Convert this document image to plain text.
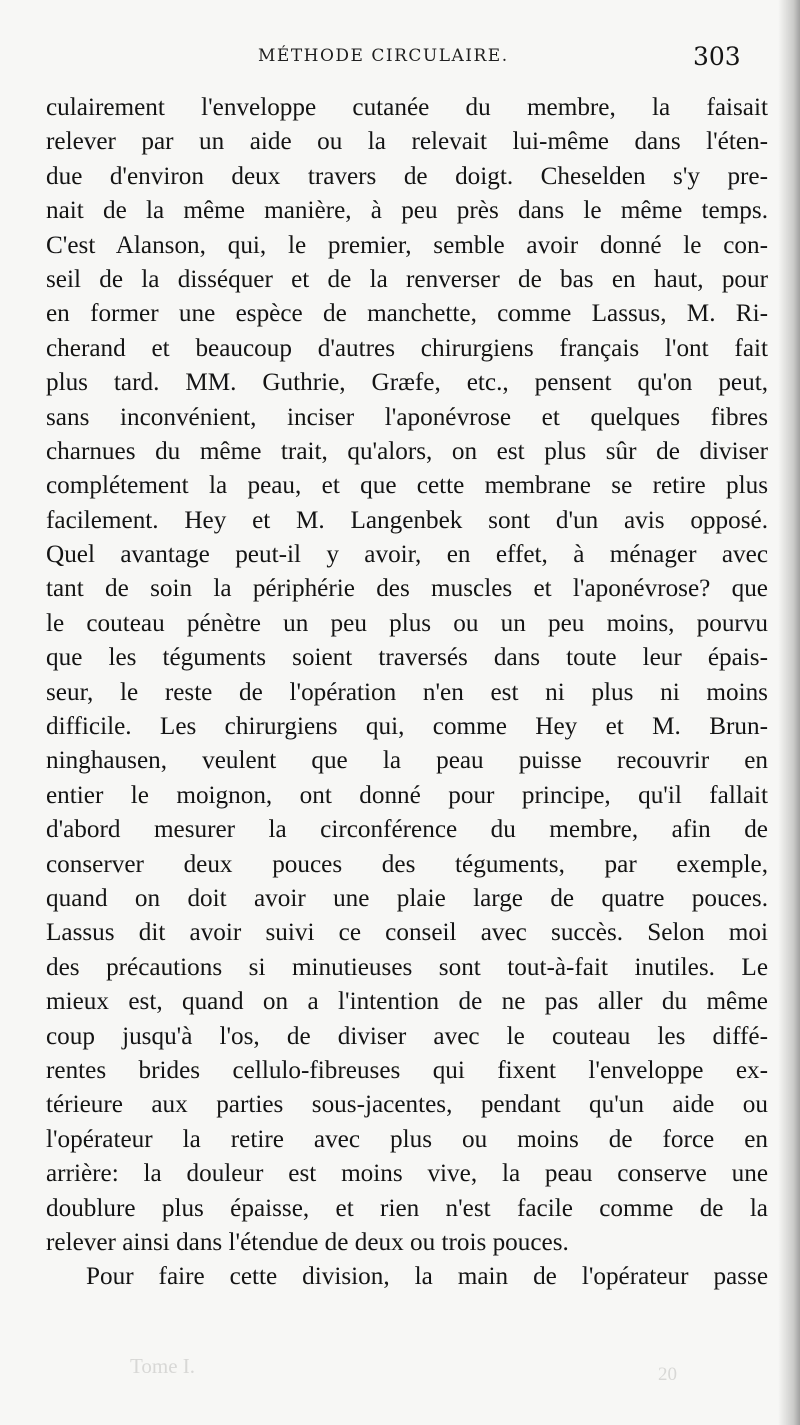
MÉTHODE CIRCULAIRE.	303
culairement l'enveloppe cutanée du membre, la faisait
relever par un aide ou la relevait lui-même dans l'éten-
due d'environ deux travers de doigt. Cheselden s'y pre-
nait de la même manière, à peu près dans le même temps.
C'est Alanson, qui, le premier, semble avoir donné le con-
seil de la disséquer et de la renverser de bas en haut, pour
en former une espèce de manchette, comme Lassus, M. Ri-
cherand et beaucoup d'autres chirurgiens français l'ont fait
plus tard. MM. Guthrie, Græfe, etc., pensent qu'on peut,
sans inconvénient, inciser l'aponévrose et quelques fibres
charnues du même trait, qu'alors, on est plus sûr de diviser
complétement la peau, et que cette membrane se retire plus
facilement. Hey et M. Langenbek sont d'un avis opposé.
Quel avantage peut-il y avoir, en effet, à ménager avec
tant de soin la périphérie des muscles et l'aponévrose? que
le couteau pénètre un peu plus ou un peu moins, pourvu
que les téguments soient traversés dans toute leur épais-
seur, le reste de l'opération n'en est ni plus ni moins
difficile. Les chirurgiens qui, comme Hey et M. Brun-
ninghausen, veulent que la peau puisse recouvrir en
entier le moignon, ont donné pour principe, qu'il fallait
d'abord mesurer la circonférence du membre, afin de
conserver deux pouces des téguments, par exemple,
quand on doit avoir une plaie large de quatre pouces.
Lassus dit avoir suivi ce conseil avec succès. Selon moi
des précautions si minutieuses sont tout-à-fait inutiles. Le
mieux est, quand on a l'intention de ne pas aller du même
coup jusqu'à l'os, de diviser avec le couteau les diffé-
rentes brides cellulo-fibreuses qui fixent l'enveloppe ex-
térieure aux parties sous-jacentes, pendant qu'un aide ou
l'opérateur la retire avec plus ou moins de force en
arrière: la douleur est moins vive, la peau conserve une
doublure plus épaisse, et rien n'est facile comme de la
relever ainsi dans l'étendue de deux ou trois pouces.
Pour faire cette division, la main de l'opérateur passe
Tome I.	20
